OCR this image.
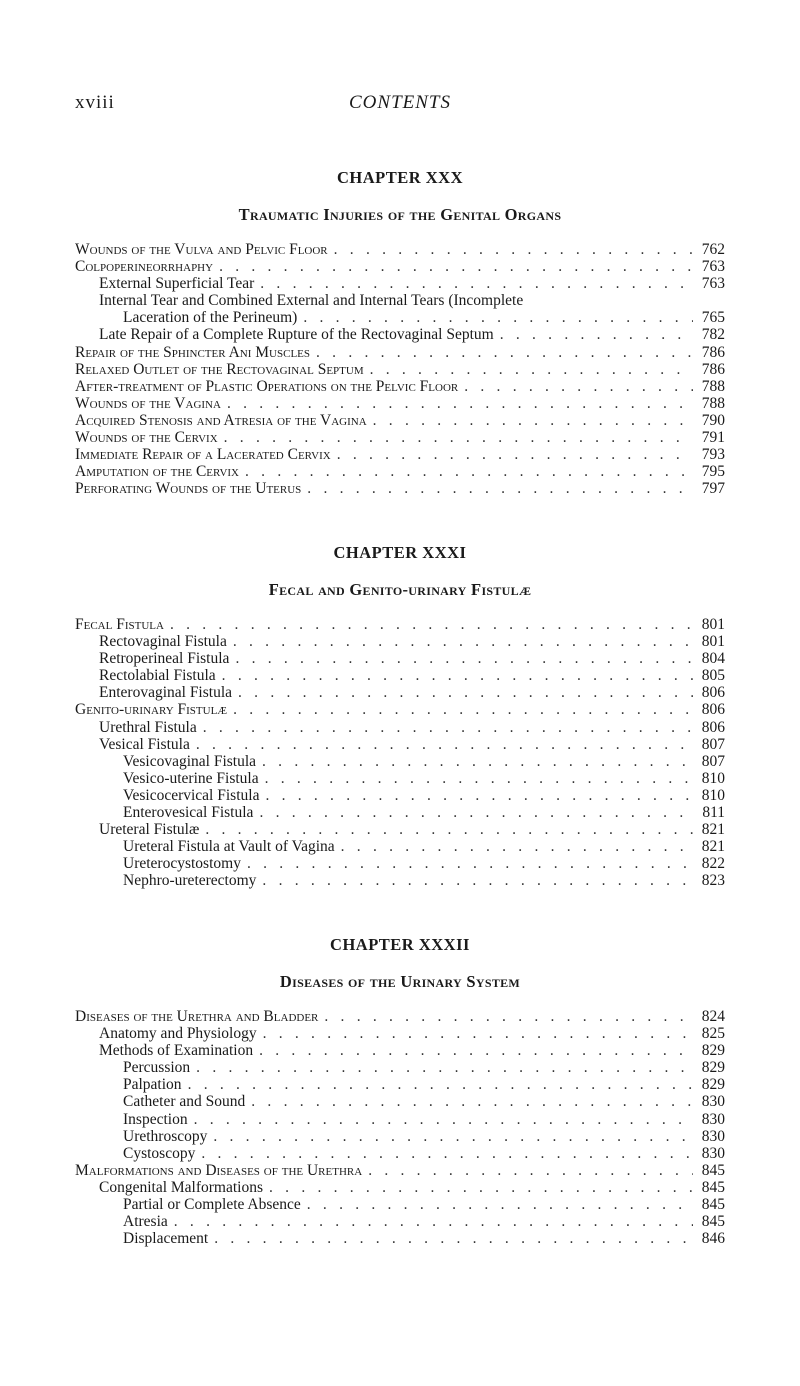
xviii	CONTENTS
CHAPTER XXX
Traumatic Injuries of the Genital Organs
Wounds of the Vulva and Pelvic Floor . . .	762
Colpoperineorrhaphy . . .	763
External Superficial Tear . . .	763
Internal Tear and Combined External and Internal Tears (Incomplete
Laceration of the Perineum) . . .	765
Late Repair of a Complete Rupture of the Rectovaginal Septum . . .	782
Repair of the Sphincter Ani Muscles . . .	786
Relaxed Outlet of the Rectovaginal Septum . . .	786
After-treatment of Plastic Operations on the Pelvic Floor . . .	788
Wounds of the Vagina . . .	788
Acquired Stenosis and Atresia of the Vagina . . .	790
Wounds of the Cervix . . .	791
Immediate Repair of a Lacerated Cervix . . .	793
Amputation of the Cervix . . .	795
Perforating Wounds of the Uterus . . .	797
CHAPTER XXXI
Fecal and Genito-urinary Fistulæ
Fecal Fistula . . .	801
Rectovaginal Fistula . . .	801
Retroperineal Fistula . . .	804
Rectolabial Fistula . . .	805
Enterovaginal Fistula . . .	806
Genito-urinary Fistulæ . . .	806
Urethral Fistula . . .	806
Vesical Fistula . . .	807
Vesicovaginal Fistula . . .	807
Vesico-uterine Fistula . . .	810
Vesicocervical Fistula . . .	810
Enterovesical Fistula . . .	811
Ureteral Fistulæ . . .	821
Ureteral Fistula at Vault of Vagina . . .	821
Ureterocystostomy . . .	822
Nephro-ureterectomy . . .	823
CHAPTER XXXII
Diseases of the Urinary System
Diseases of the Urethra and Bladder . . .	824
Anatomy and Physiology . . .	825
Methods of Examination . . .	829
Percussion . . .	829
Palpation . . .	829
Catheter and Sound . . .	830
Inspection . . .	830
Urethroscopy . . .	830
Cystoscopy . . .	830
Malformations and Diseases of the Urethra . . .	845
Congenital Malformations . . .	845
Partial or Complete Absence . . .	845
Atresia . . .	845
Displacement . . .	846
